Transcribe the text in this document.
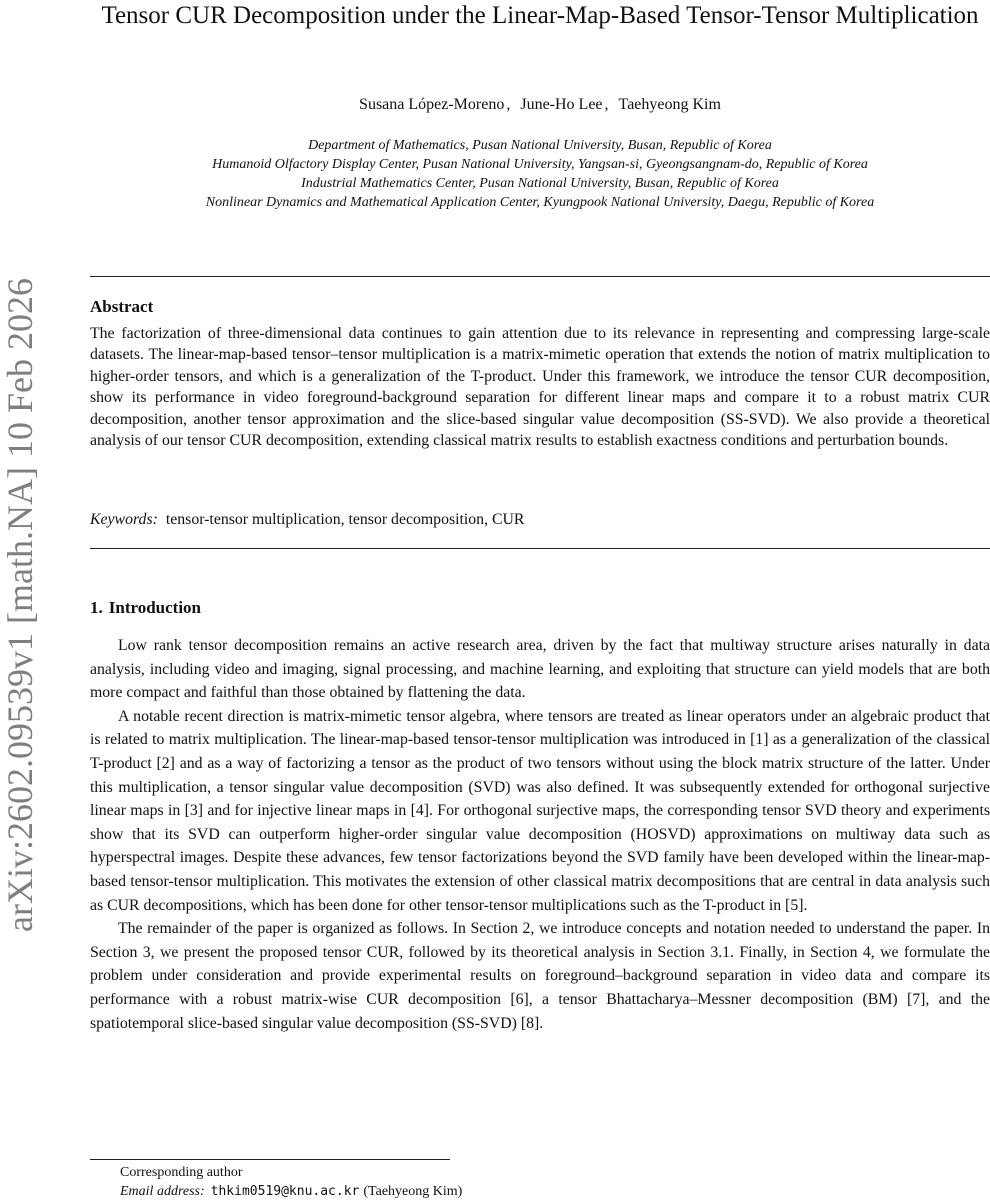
arXiv:2602.09539v1 [math.NA] 10 Feb 2026
Tensor CUR Decomposition under the Linear-Map-Based Tensor-Tensor Multiplication
Susana López-Moreno , June-Ho Lee , Taehyeong Kim
Department of Mathematics, Pusan National University, Busan, Republic of Korea
Humanoid Olfactory Display Center, Pusan National University, Yangsan-si, Gyeongsangnam-do, Republic of Korea
Industrial Mathematics Center, Pusan National University, Busan, Republic of Korea
Nonlinear Dynamics and Mathematical Application Center, Kyungpook National University, Daegu, Republic of Korea
Abstract
The factorization of three-dimensional data continues to gain attention due to its relevance in representing and compressing large-scale datasets. The linear-map-based tensor–tensor multiplication is a matrix-mimetic operation that extends the notion of matrix multiplication to higher-order tensors, and which is a generalization of the T-product. Under this framework, we introduce the tensor CUR decomposition, show its performance in video foreground-background separation for different linear maps and compare it to a robust matrix CUR decomposition, another tensor approximation and the slice-based singular value decomposition (SS-SVD). We also provide a theoretical analysis of our tensor CUR decomposition, extending classical matrix results to establish exactness conditions and perturbation bounds.
Keywords: tensor-tensor multiplication, tensor decomposition, CUR
1. Introduction

Low rank tensor decomposition remains an active research area, driven by the fact that multiway structure arises naturally in data analysis, including video and imaging, signal processing, and machine learning, and exploiting that structure can yield models that are both more compact and faithful than those obtained by flattening the data.

A notable recent direction is matrix-mimetic tensor algebra, where tensors are treated as linear operators under an algebraic product that is related to matrix multiplication. The linear-map-based tensor-tensor multiplication was introduced in [1] as a generalization of the classical T-product [2] and as a way of factorizing a tensor as the product of two tensors without using the block matrix structure of the latter. Under this multiplication, a tensor singular value decomposition (SVD) was also defined. It was subsequently extended for orthogonal surjective linear maps in [3] and for injective linear maps in [4]. For orthogonal surjective maps, the corresponding tensor SVD theory and experiments show that its SVD can outperform higher-order singular value decomposition (HOSVD) approximations on multiway data such as hyperspectral images. Despite these advances, few tensor factorizations beyond the SVD family have been developed within the linear-map-based tensor-tensor multiplication. This motivates the extension of other classical matrix decompositions that are central in data analysis such as CUR decompositions, which has been done for other tensor-tensor multiplications such as the T-product in [5].

The remainder of the paper is organized as follows. In Section 2, we introduce concepts and notation needed to understand the paper. In Section 3, we present the proposed tensor CUR, followed by its theoretical analysis in Section 3.1. Finally, in Section 4, we formulate the problem under consideration and provide experimental results on foreground–background separation in video data and compare its performance with a robust matrix-wise CUR decomposition [6], a tensor Bhattacharya–Messner decomposition (BM) [7], and the spatiotemporal slice-based singular value decomposition (SS-SVD) [8].

Corresponding author
Email address: thkim0519@knu.ac.kr (Taehyeong Kim)
